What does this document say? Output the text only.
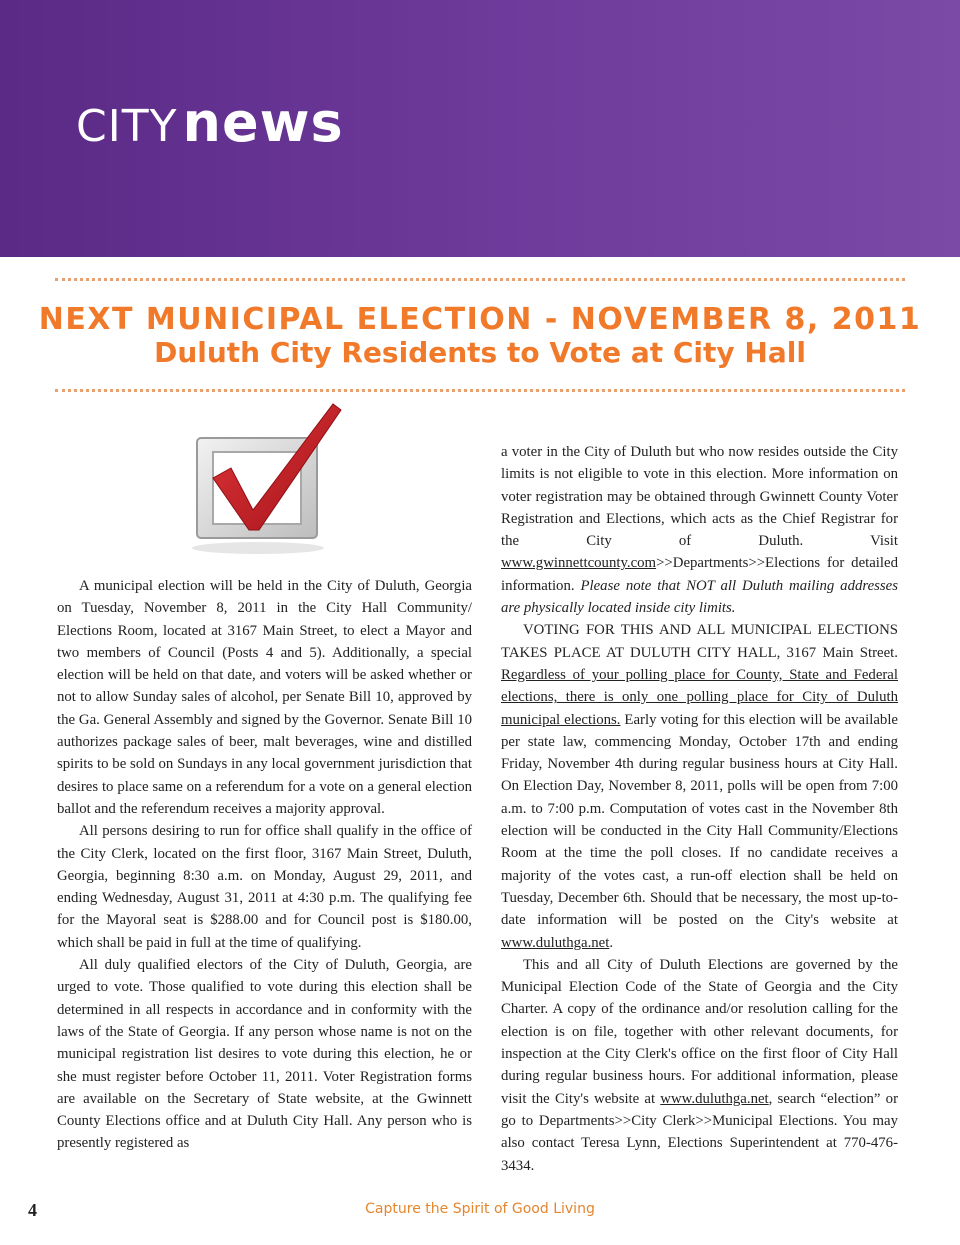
CITY news
NEXT MUNICIPAL ELECTION - NOVEMBER 8, 2011
Duluth City Residents to Vote at City Hall

A municipal election will be held in the City of Duluth, Georgia on Tuesday, November 8, 2011 in the City Hall Community/ Elections Room, located at 3167 Main Street, to elect a Mayor and two members of Council (Posts 4 and 5). Additionally, a special election will be held on that date, and voters will be asked whether or not to allow Sunday sales of alcohol, per Senate Bill 10, approved by the Ga. General Assembly and signed by the Governor. Senate Bill 10 authorizes package sales of beer, malt beverages, wine and distilled spirits to be sold on Sundays in any local government jurisdiction that desires to place same on a referendum for a vote on a general election ballot and the referendum receives a majority approval.

All persons desiring to run for office shall qualify in the office of the City Clerk, located on the first floor, 3167 Main Street, Duluth, Georgia, beginning 8:30 a.m. on Monday, August 29, 2011, and ending Wednesday, August 31, 2011 at 4:30 p.m. The qualifying fee for the Mayoral seat is $288.00 and for Council post is $180.00, which shall be paid in full at the time of qualifying.

All duly qualified electors of the City of Duluth, Georgia, are urged to vote. Those qualified to vote during this election shall be determined in all respects in accordance and in conformity with the laws of the State of Georgia. If any person whose name is not on the municipal registration list desires to vote during this election, he or she must register before October 11, 2011. Voter Registration forms are available on the Secretary of State website, at the Gwinnett County Elections office and at Duluth City Hall. Any person who is presently registered as

a voter in the City of Duluth but who now resides outside the City limits is not eligible to vote in this election. More information on voter registration may be obtained through Gwinnett County Voter Registration and Elections, which acts as the Chief Registrar for the City of Duluth. Visit www.gwinnettcounty.com>>Departments>>Elections for detailed information. Please note that NOT all Duluth mailing addresses are physically located inside city limits.

VOTING FOR THIS AND ALL MUNICIPAL ELECTIONS TAKES PLACE AT DULUTH CITY HALL, 3167 Main Street. Regardless of your polling place for County, State and Federal elections, there is only one polling place for City of Duluth municipal elections. Early voting for this election will be available per state law, commencing Monday, October 17th and ending Friday, November 4th during regular business hours at City Hall. On Election Day, November 8, 2011, polls will be open from 7:00 a.m. to 7:00 p.m. Computation of votes cast in the November 8th election will be conducted in the City Hall Community/Elections Room at the time the poll closes. If no candidate receives a majority of the votes cast, a run-off election shall be held on Tuesday, December 6th. Should that be necessary, the most up-to-date information will be posted on the City's website at www.duluthga.net.

This and all City of Duluth Elections are governed by the Municipal Election Code of the State of Georgia and the City Charter. A copy of the ordinance and/or resolution calling for the election is on file, together with other relevant documents, for inspection at the City Clerk's office on the first floor of City Hall during regular business hours. For additional information, please visit the City's website at www.duluthga.net, search “election” or go to Departments>>City Clerk>>Municipal Elections. You may also contact Teresa Lynn, Elections Superintendent at 770-476-3434.

4	Capture the Spirit of Good Living
